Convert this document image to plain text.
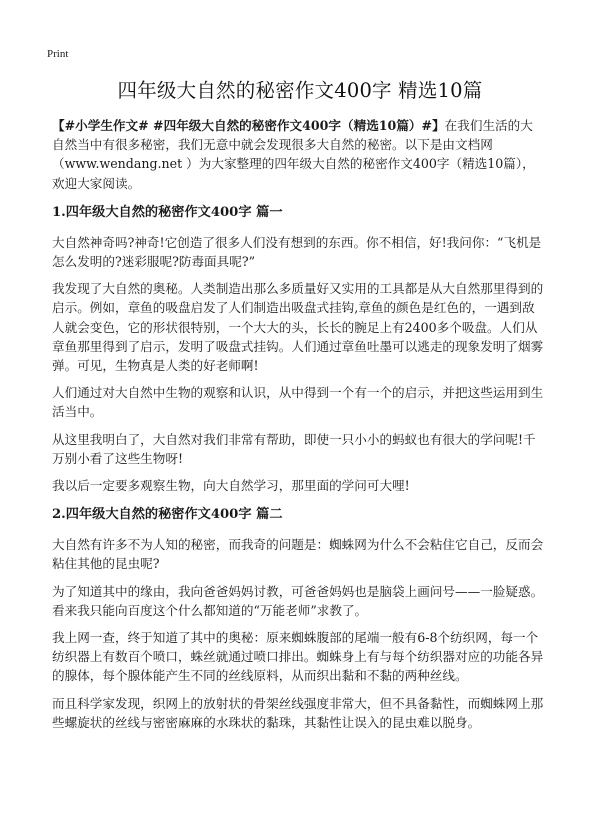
Print
四年级大自然的秘密作文400字 精选10篇

【#小学生作文# #四年级大自然的秘密作文400字（精选10篇）#】在我们生活的大自然当中有很多秘密，我们无意中就会发现很多大自然的秘密。以下是由文档网（www.wendang.net ）为大家整理的四年级大自然的秘密作文400字（精选10篇），欢迎大家阅读。

1.四年级大自然的秘密作文400字 篇一

大自然神奇吗?神奇!它创造了很多人们没有想到的东西。你不相信，好!我问你：“飞机是怎么发明的?迷彩服呢?防毒面具呢?”

我发现了大自然的奥秘。人类制造出那么多质量好又实用的工具都是从大自然那里得到的启示。例如，章鱼的吸盘启发了人们制造出吸盘式挂钩,章鱼的颜色是红色的，一遇到敌人就会变色，它的形状很特别，一个大大的头，长长的腕足上有2400多个吸盘。人们从章鱼那里得到了启示，发明了吸盘式挂钩。人们通过章鱼吐墨可以逃走的现象发明了烟雾弹。可见，生物真是人类的好老师啊!

人们通过对大自然中生物的观察和认识，从中得到一个有一个的启示，并把这些运用到生活当中。

从这里我明白了，大自然对我们非常有帮助，即使一只小小的蚂蚁也有很大的学问呢!千万别小看了这些生物呀!

我以后一定要多观察生物，向大自然学习，那里面的学问可大哩!

2.四年级大自然的秘密作文400字 篇二

大自然有许多不为人知的秘密，而我奇的问题是：蜘蛛网为什么不会粘住它自己，反而会粘住其他的昆虫呢?

为了知道其中的缘由，我向爸爸妈妈讨教，可爸爸妈妈也是脑袋上画问号——一脸疑惑。看来我只能向百度这个什么都知道的“万能老师”求教了。

我上网一查，终于知道了其中的奥秘：原来蜘蛛腹部的尾端一般有6-8个纺织网，每一个纺织器上有数百个喷口，蛛丝就通过喷口排出。蜘蛛身上有与每个纺织器对应的功能各异的腺体，每个腺体能产生不同的丝线原料，从而织出黏和不黏的两种丝线。

而且科学家发现，织网上的放射状的骨架丝线强度非常大，但不具备黏性，而蜘蛛网上那些螺旋状的丝线与密密麻麻的水珠状的黏珠，其黏性让误入的昆虫难以脱身。
